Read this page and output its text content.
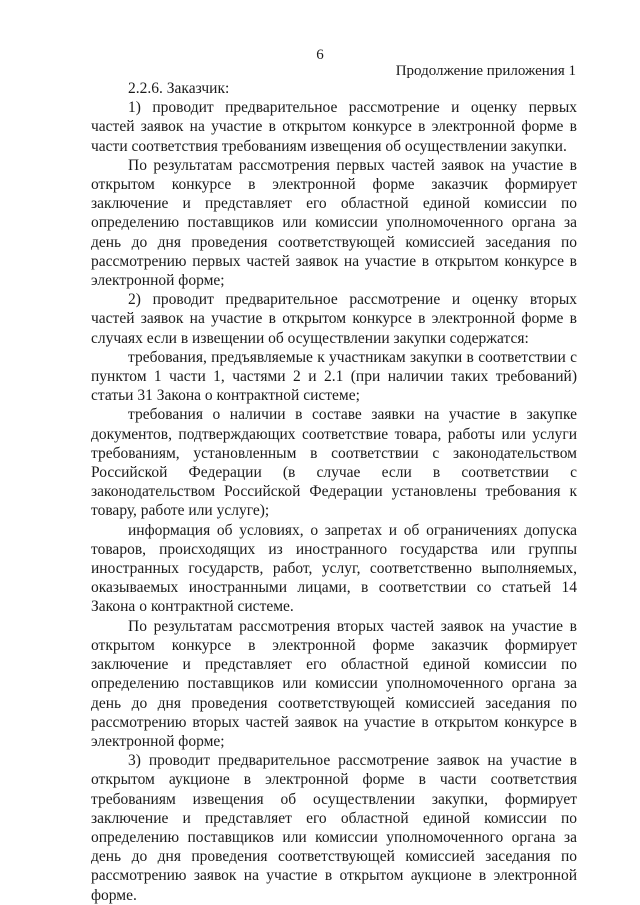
6
Продолжение приложения 1

2.2.6. Заказчик:

1) проводит предварительное рассмотрение и оценку первых частей заявок на участие в открытом конкурсе в электронной форме в части соответствия требованиям извещения об осуществлении закупки.

По результатам рассмотрения первых частей заявок на участие в открытом конкурсе в электронной форме заказчик формирует заключение и представляет его областной единой комиссии по определению поставщиков или комиссии уполномоченного органа за день до дня проведения соответствующей комиссией заседания по рассмотрению первых частей заявок на участие в открытом конкурсе в электронной форме;

2) проводит предварительное рассмотрение и оценку вторых частей заявок на участие в открытом конкурсе в электронной форме в случаях если в извещении об осуществлении закупки содержатся:

требования, предъявляемые к участникам закупки в соответствии с пунктом 1 части 1, частями 2 и 2.1 (при наличии таких требований) статьи 31 Закона о контрактной системе;

требования о наличии в составе заявки на участие в закупке документов, подтверждающих соответствие товара, работы или услуги требованиям, установленным в соответствии с законодательством Российской Федерации (в случае если в соответствии с законодательством Российской Федерации установлены требования к товару, работе или услуге);

информация об условиях, о запретах и об ограничениях допуска товаров, происходящих из иностранного государства или группы иностранных государств, работ, услуг, соответственно выполняемых, оказываемых иностранными лицами, в соответствии со статьей 14 Закона о контрактной системе.

По результатам рассмотрения вторых частей заявок на участие в открытом конкурсе в электронной форме заказчик формирует заключение и представляет его областной единой комиссии по определению поставщиков или комиссии уполномоченного органа за день до дня проведения соответствующей комиссией заседания по рассмотрению вторых частей заявок на участие в открытом конкурсе в электронной форме;

3) проводит предварительное рассмотрение заявок на участие в открытом аукционе в электронной форме в части соответствия требованиям извещения об осуществлении закупки, формирует заключение и представляет его областной единой комиссии по определению поставщиков или комиссии уполномоченного органа за день до дня проведения соответствующей комиссией заседания по рассмотрению заявок на участие в открытом аукционе в электронной форме.
